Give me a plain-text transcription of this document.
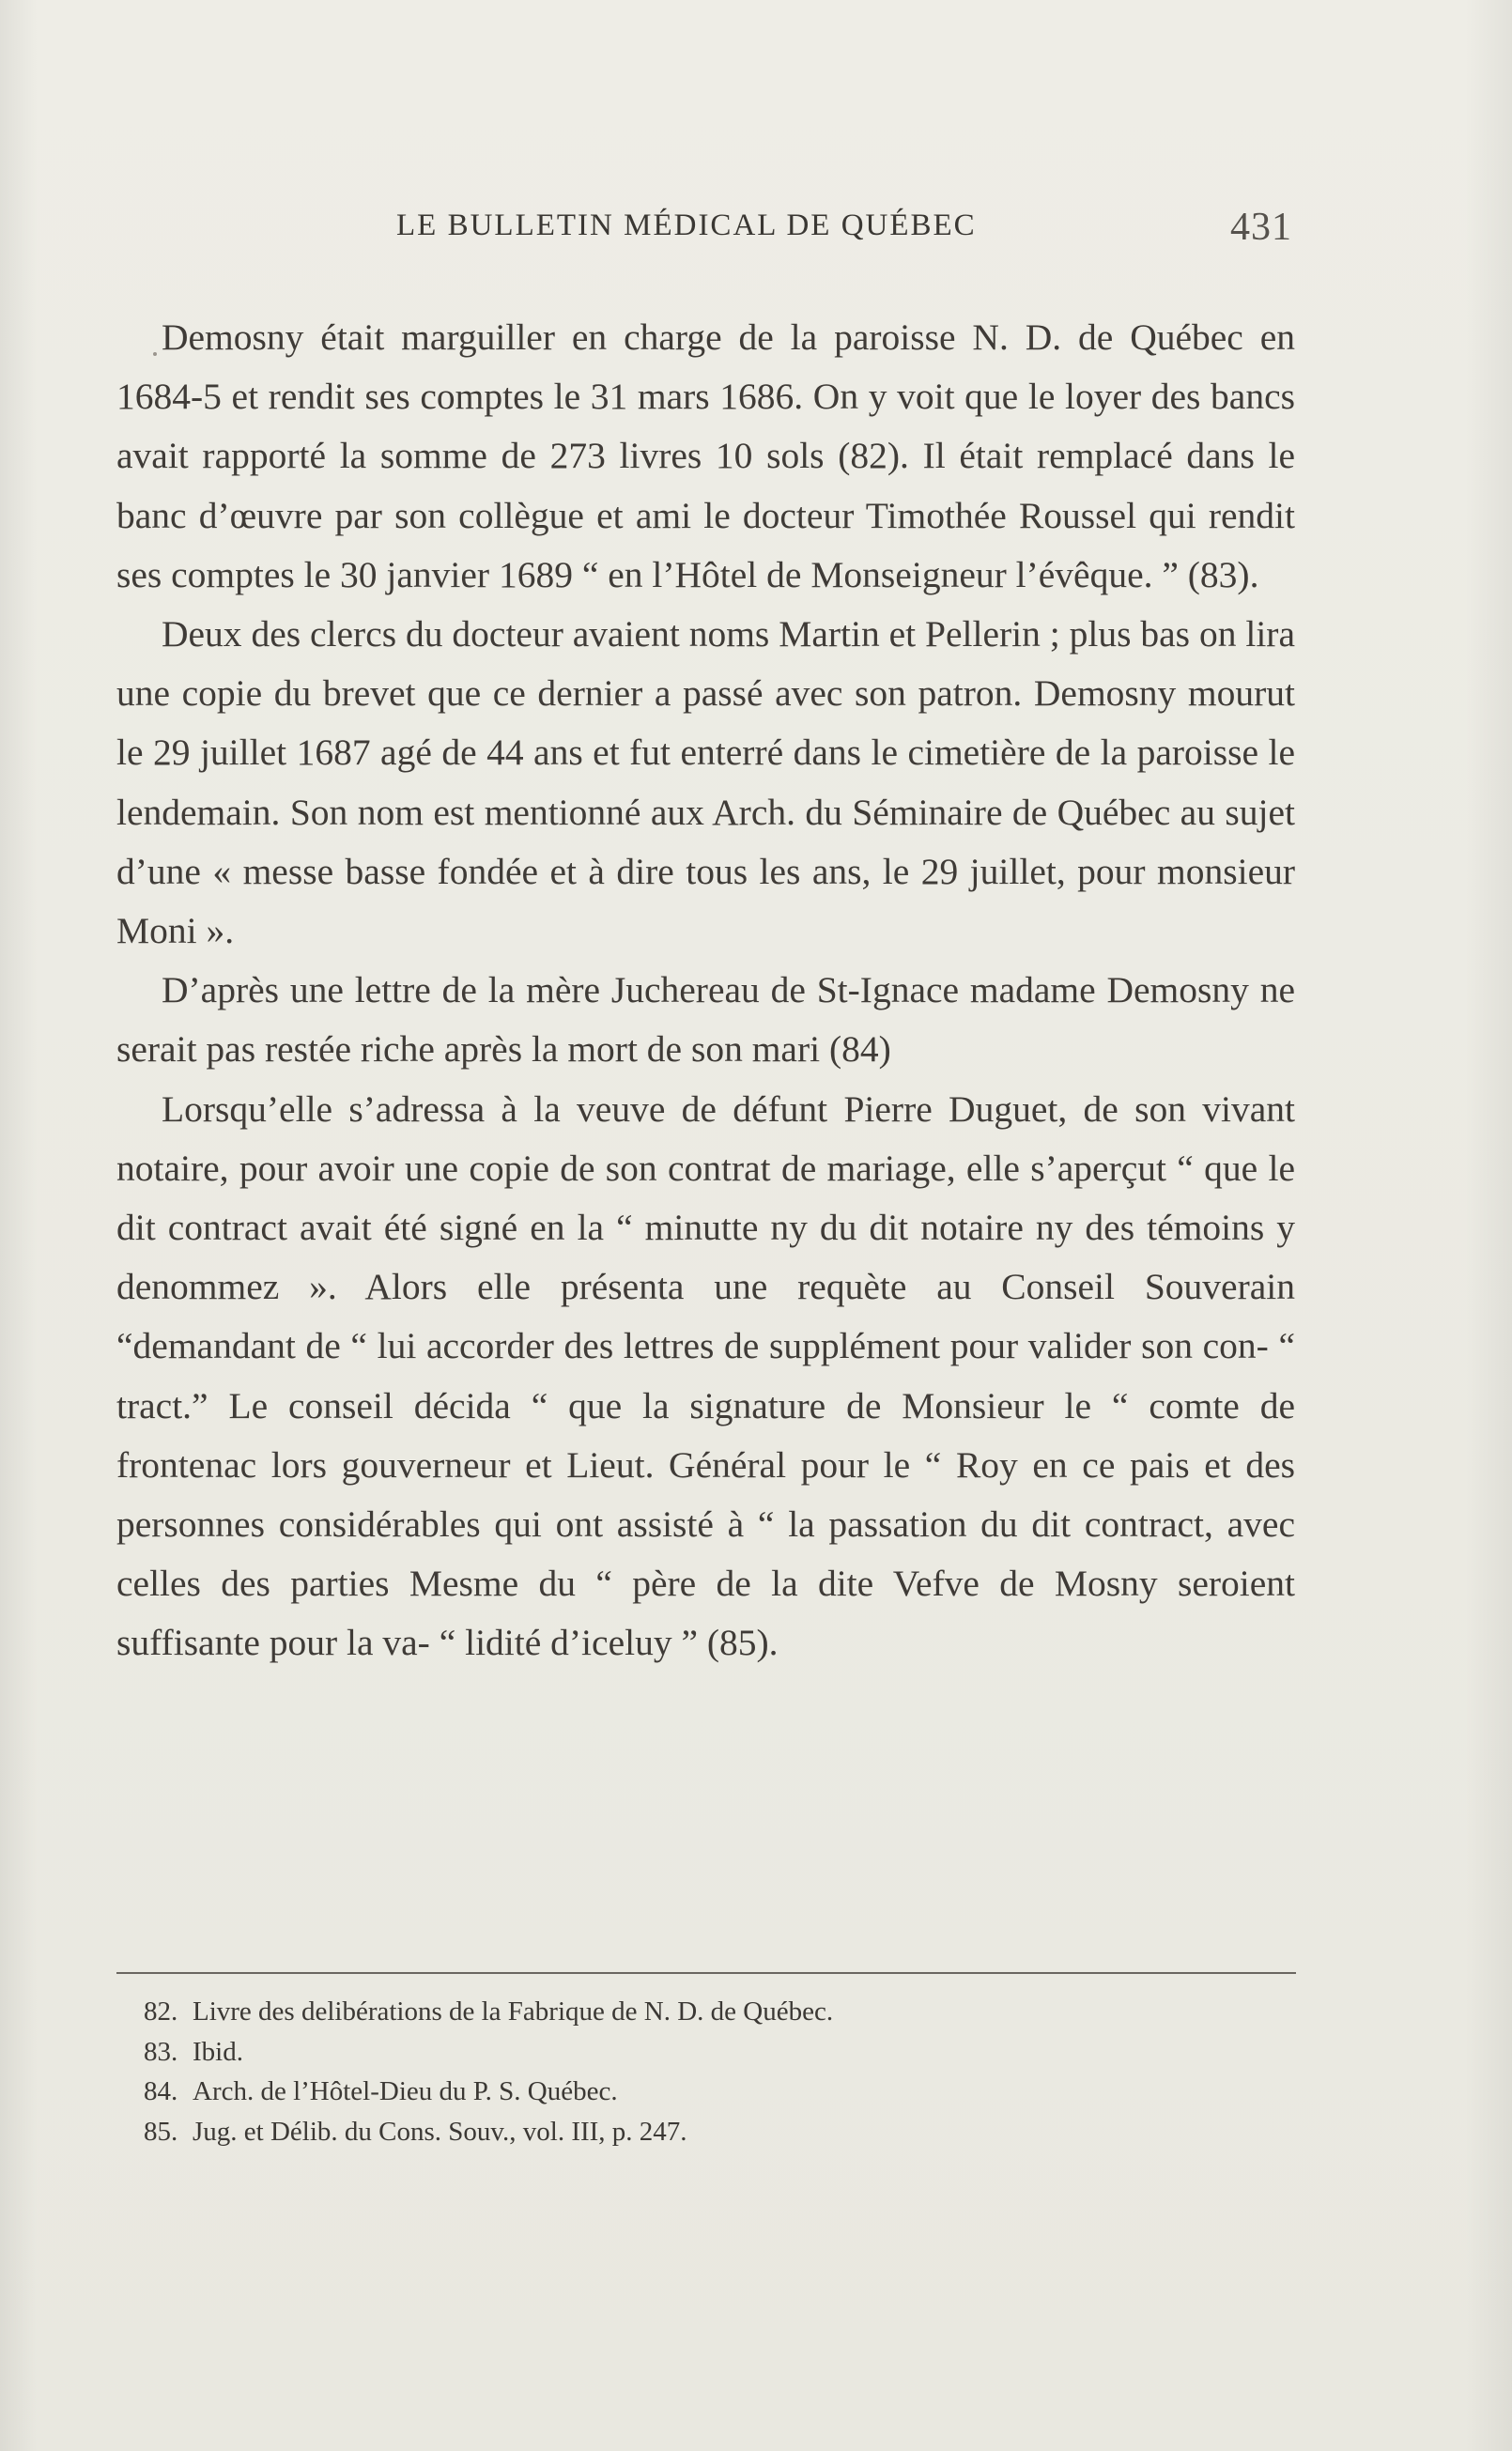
LE BULLETIN MÉDICAL DE QUÉBEC	431

Demosny était marguiller en charge de la paroisse N. D. de Québec en 1684-5 et rendit ses comptes le 31 mars 1686. On y voit que le loyer des bancs avait rapporté la somme de 273 livres 10 sols (82). Il était remplacé dans le banc d’œuvre par son collègue et ami le docteur Timothée Roussel qui rendit ses comptes le 30 janvier 1689 “ en l’Hôtel de Monseigneur l’évêque. ” (83).

Deux des clercs du docteur avaient noms Martin et Pellerin ; plus bas on lira une copie du brevet que ce dernier a passé avec son patron. Demosny mourut le 29 juillet 1687 agé de 44 ans et fut enterré dans le cimetière de la paroisse le lendemain. Son nom est mentionné aux Arch. du Séminaire de Québec au sujet d’une « messe basse fondée et à dire tous les ans, le 29 juillet, pour monsieur Moni ».

D’après une lettre de la mère Juchereau de St-Ignace madame Demosny ne serait pas restée riche après la mort de son mari (84)

Lorsqu’elle s’adressa à la veuve de défunt Pierre Duguet, de son vivant notaire, pour avoir une copie de son contrat de mariage, elle s’aperçut “ que le dit contract avait été signé en la “ minutte ny du dit notaire ny des témoins y denommez ». Alors elle présenta une requète au Conseil Souverain “demandant de “ lui accorder des lettres de supplément pour valider son con- “ tract.” Le conseil décida “ que la signature de Monsieur le “ comte de frontenac lors gouverneur et Lieut. Général pour le “ Roy en ce pais et des personnes considérables qui ont assisté à “ la passation du dit contract, avec celles des parties Mesme du “ père de la dite Vefve de Mosny seroient suffisante pour la va- “ lidité d’iceluy ” (85).

82. Livre des delibérations de la Fabrique de N. D. de Québec.
83. Ibid.
84. Arch. de l’Hôtel-Dieu du P. S. Québec.
85. Jug. et Délib. du Cons. Souv., vol. III, p. 247.
